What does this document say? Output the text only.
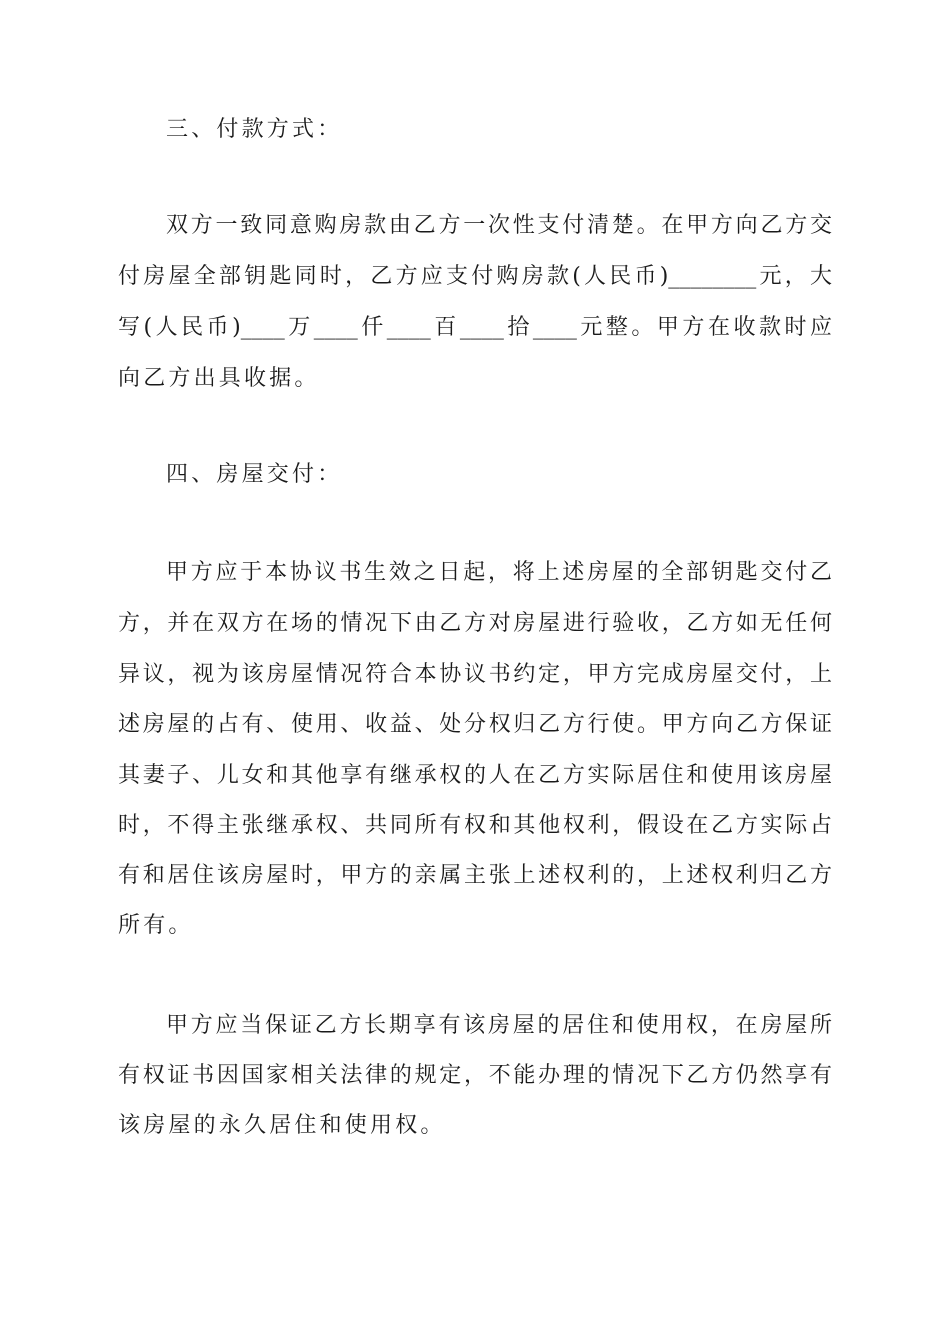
三、付款方式：
双方一致同意购房款由乙方一次性支付清楚。在甲方向乙方交
付房屋全部钥匙同时，乙方应支付购房款(人民币)________元，大
写(人民币)____万____仟____百____拾____元整。甲方在收款时应
向乙方出具收据。
四、房屋交付：
甲方应于本协议书生效之日起，将上述房屋的全部钥匙交付乙
方，并在双方在场的情况下由乙方对房屋进行验收，乙方如无任何
异议，视为该房屋情况符合本协议书约定，甲方完成房屋交付，上
述房屋的占有、使用、收益、处分权归乙方行使。甲方向乙方保证
其妻子、儿女和其他享有继承权的人在乙方实际居住和使用该房屋
时，不得主张继承权、共同所有权和其他权利，假设在乙方实际占
有和居住该房屋时，甲方的亲属主张上述权利的，上述权利归乙方
所有。
甲方应当保证乙方长期享有该房屋的居住和使用权，在房屋所
有权证书因国家相关法律的规定，不能办理的情况下乙方仍然享有
该房屋的永久居住和使用权。
